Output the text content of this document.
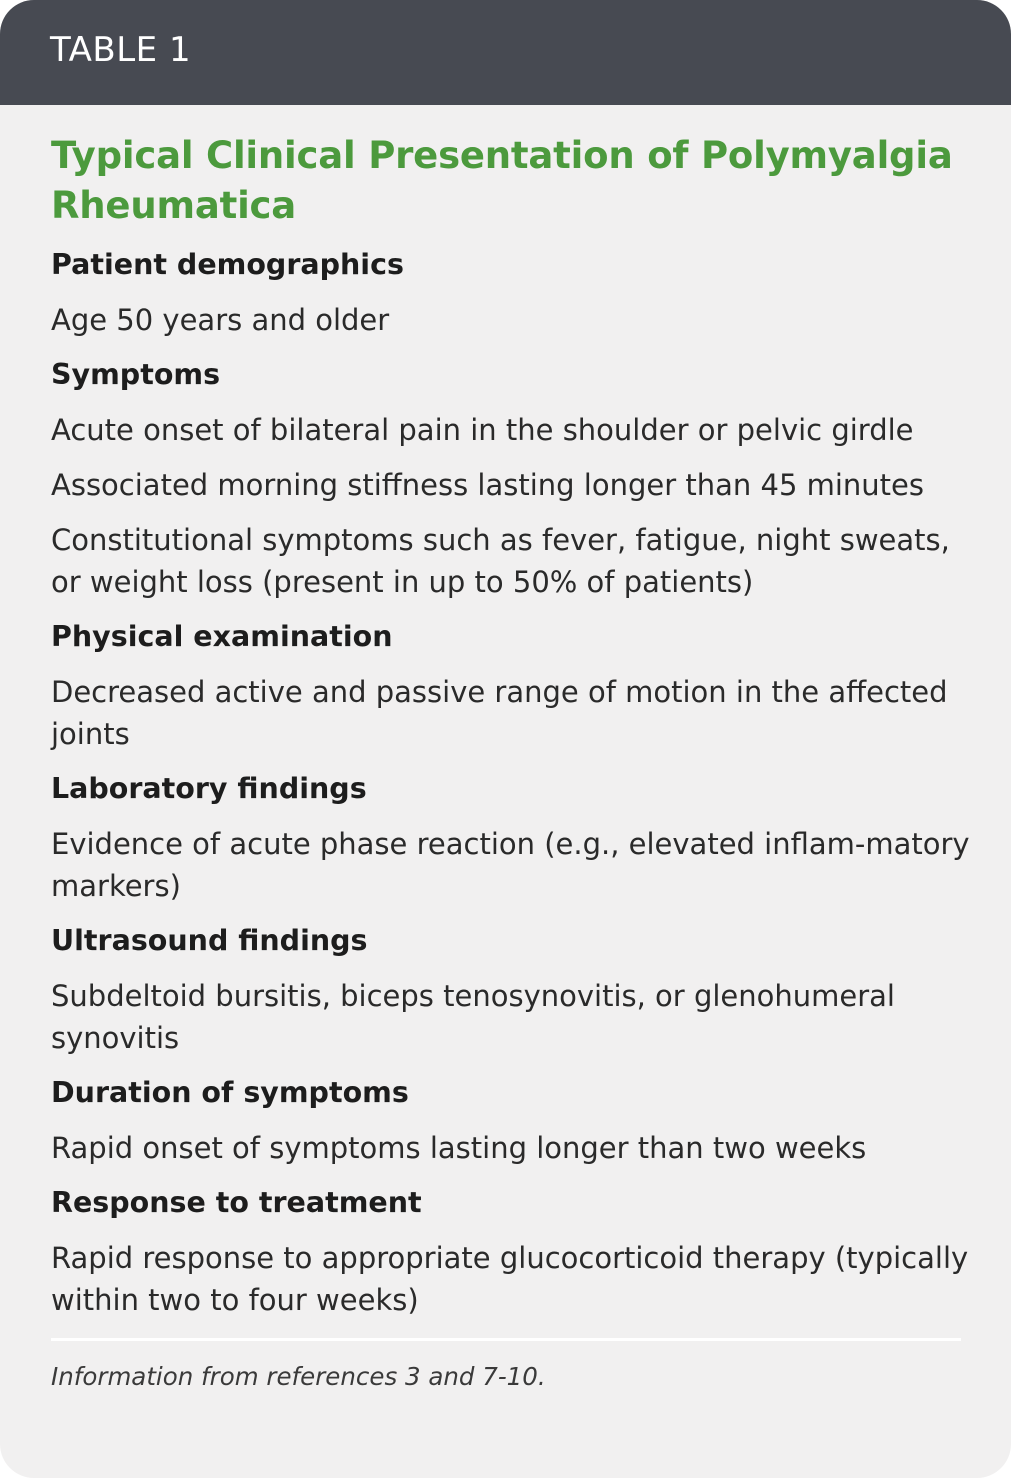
TABLE 1
Typical Clinical Presentation of Polymyalgia Rheumatica
Patient demographics
Age 50 years and older
Symptoms
Acute onset of bilateral pain in the shoulder or pelvic girdle
Associated morning stiffness lasting longer than 45 minutes
Constitutional symptoms such as fever, fatigue, night sweats, or weight loss (present in up to 50% of patients)
Physical examination
Decreased active and passive range of motion in the affected joints
Laboratory findings
Evidence of acute phase reaction (e.g., elevated inflam-matory markers)
Ultrasound findings
Subdeltoid bursitis, biceps tenosynovitis, or glenohumeral synovitis
Duration of symptoms
Rapid onset of symptoms lasting longer than two weeks
Response to treatment
Rapid response to appropriate glucocorticoid therapy (typically within two to four weeks)
Information from references 3 and 7-10.
